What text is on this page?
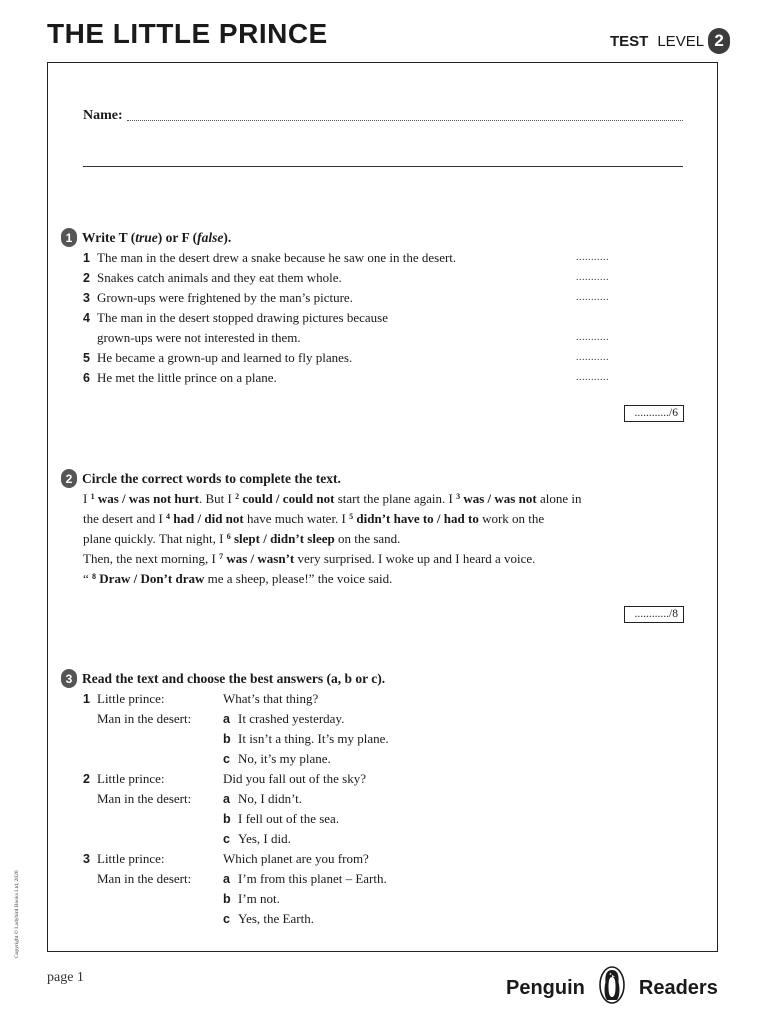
THE LITTLE PRINCE	TEST LEVEL 2
Name:
1 Write T (true) or F (false).
1 The man in the desert drew a snake because he saw one in the desert.	...........
2 Snakes catch animals and they eat them whole.	...........
3 Grown-ups were frightened by the man’s picture.	...........
4 The man in the desert stopped drawing pictures because
grown-ups were not interested in them.	...........
5 He became a grown-up and learned to fly planes.	...........
6 He met the little prince on a plane.	...........
............/6
2 Circle the correct words to complete the text.
I $^1$ was / was not hurt. But I $^2$ could / could not start the plane again. I $^3$ was / was not alone in
the desert and I $^4$ had / did not have much water. I $^5$ didn’t have to / had to work on the
plane quickly. That night, I $^6$ slept / didn’t sleep on the sand.
Then, the next morning, I $^7$ was / wasn’t very surprised. I woke up and I heard a voice.
“ $^8$ Draw / Don’t draw me a sheep, please!” the voice said.
............/8
3 Read the text and choose the best answers (a, b or c).
1 Little prince:	What’s that thing?
Man in the desert:	a It crashed yesterday.
b It isn’t a thing. It’s my plane.
c No, it’s my plane.
2 Little prince:	Did you fall out of the sky?
Man in the desert:	a No, I didn’t.
b I fell out of the sea.
c Yes, I did.
3 Little prince:	Which planet are you from?
Man in the desert:	a I’m from this planet – Earth.
b I’m not.
c Yes, the Earth.
Copyright © Ladybird Books Ltd, 2020
page 1	Penguin	Readers
